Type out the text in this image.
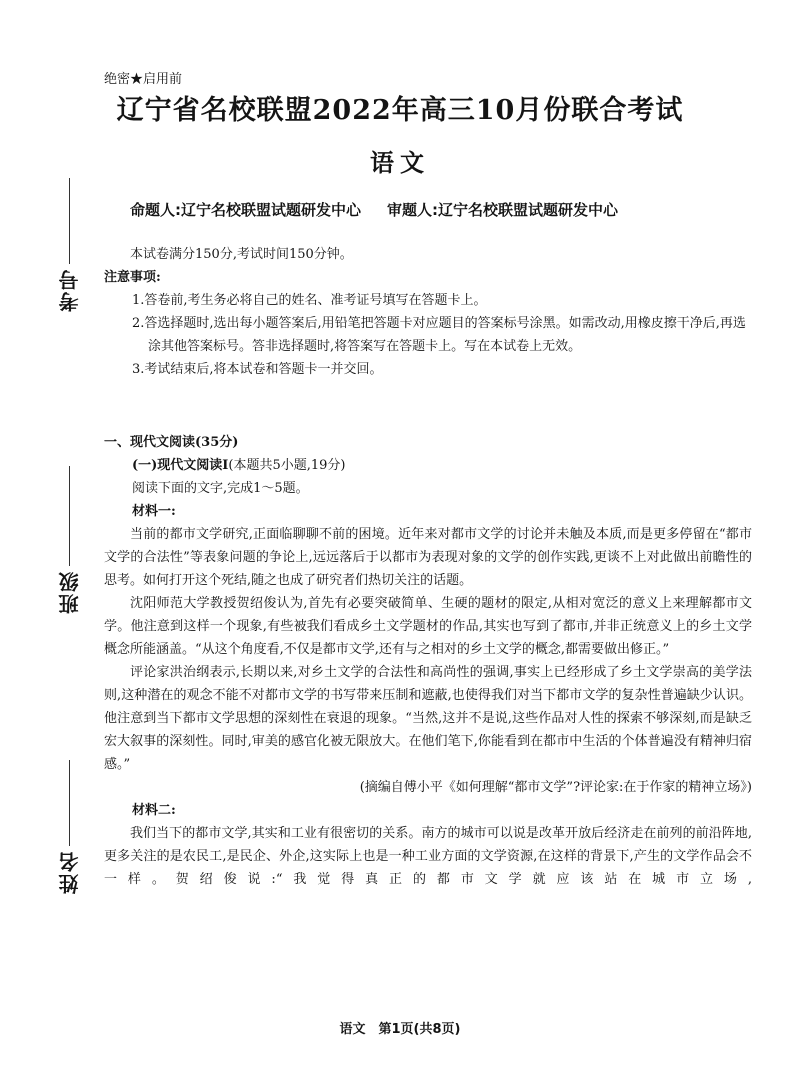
考号
班级
姓名
绝密★启用前
辽宁省名校联盟2022年高三10月份联合考试
语文
命题人:辽宁名校联盟试题研发中心 审题人:辽宁名校联盟试题研发中心

本试卷满分150分,考试时间150分钟。

注意事项:

1.答卷前,考生务必将自己的姓名、准考证号填写在答题卡上。

2.答选择题时,选出每小题答案后,用铅笔把答题卡对应题目的答案标号涂黑。如需改动,用橡皮擦干净后,再选涂其他答案标号。答非选择题时,将答案写在答题卡上。写在本试卷上无效。

3.考试结束后,将本试卷和答题卡一并交回。

一、现代文阅读(35分)

(一)现代文阅读Ⅰ(本题共5小题,19分)

阅读下面的文字,完成1～5题。

材料一:

当前的都市文学研究,正面临聊聊不前的困境。近年来对都市文学的讨论并未触及本质,而是更多停留在“都市文学的合法性”等表象问题的争论上,远远落后于以都市为表现对象的文学的创作实践,更谈不上对此做出前瞻性的思考。如何打开这个死结,随之也成了研究者们热切关注的话题。

沈阳师范大学教授贺绍俊认为,首先有必要突破简单、生硬的题材的限定,从相对宽泛的意义上来理解都市文学。他注意到这样一个现象,有些被我们看成乡土文学题材的作品,其实也写到了都市,并非正统意义上的乡土文学概念所能涵盖。“从这个角度看,不仅是都市文学,还有与之相对的乡土文学的概念,都需要做出修正。”

评论家洪治纲表示,长期以来,对乡土文学的合法性和高尚性的强调,事实上已经形成了乡土文学崇高的美学法则,这种潜在的观念不能不对都市文学的书写带来压制和遮蔽,也使得我们对当下都市文学的复杂性普遍缺少认识。他注意到当下都市文学思想的深刻性在衰退的现象。“当然,这并不是说,这些作品对人性的探索不够深刻,而是缺乏宏大叙事的深刻性。同时,审美的感官化被无限放大。在他们笔下,你能看到在都市中生活的个体普遍没有精神归宿感。”

(摘编自傅小平《如何理解“都市文学”?评论家:在于作家的精神立场》)

材料二:

我们当下的都市文学,其实和工业有很密切的关系。南方的城市可以说是改革开放后经济走在前列的前沿阵地,更多关注的是农民工,是民企、外企,这实际上也是一种工业方面的文学资源,在这样的背景下,产生的文学作品会不一样。贺绍俊说:“我觉得真正的都市文学就应该站在城市立场,

语文　第1页(共8页)
